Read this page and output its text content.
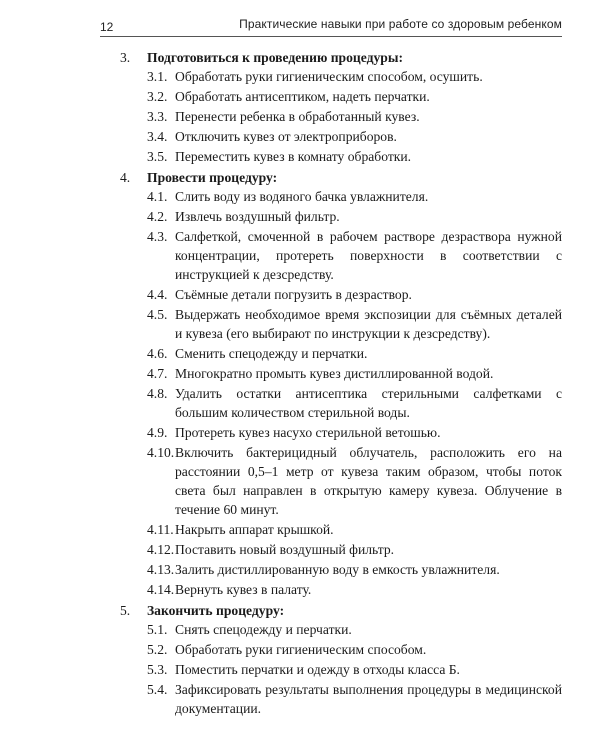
12	Практические навыки при работе со здоровым ребенком
3.	Подготовиться к проведению процедуры:
3.1. Обработать руки гигиеническим способом, осушить.
3.2. Обработать антисептиком, надеть перчатки.
3.3. Перенести ребенка в обработанный кувез.
3.4. Отключить кувез от электроприборов.
3.5. Переместить кувез в комнату обработки.
4.	Провести процедуру:
4.1. Слить воду из водяного бачка увлажнителя.
4.2. Извлечь воздушный фильтр.
4.3. Салфеткой, смоченной в рабочем растворе дезраствора нужной концентрации, протереть поверхности в соответствии с инструкцией к дезсредству.
4.4. Съёмные детали погрузить в дезраствор.
4.5. Выдержать необходимое время экспозиции для съёмных деталей и кувеза (его выбирают по инструкции к дезсредству).
4.6. Сменить спецодежду и перчатки.
4.7. Многократно промыть кувез дистиллированной водой.
4.8. Удалить остатки антисептика стерильными салфетками с большим количеством стерильной воды.
4.9. Протереть кувез насухо стерильной ветошью.
4.10. Включить бактерицидный облучатель, расположить его на расстоянии 0,5–1 метр от кувеза таким образом, чтобы поток света был направлен в открытую камеру кувеза. Облучение в течение 60 минут.
4.11. Накрыть аппарат крышкой.
4.12. Поставить новый воздушный фильтр.
4.13. Залить дистиллированную воду в емкость увлажнителя.
4.14. Вернуть кувез в палату.
5.	Закончить процедуру:
5.1. Снять спецодежду и перчатки.
5.2. Обработать руки гигиеническим способом.
5.3. Поместить перчатки и одежду в отходы класса Б.
5.4. Зафиксировать результаты выполнения процедуры в медицинской документации.
